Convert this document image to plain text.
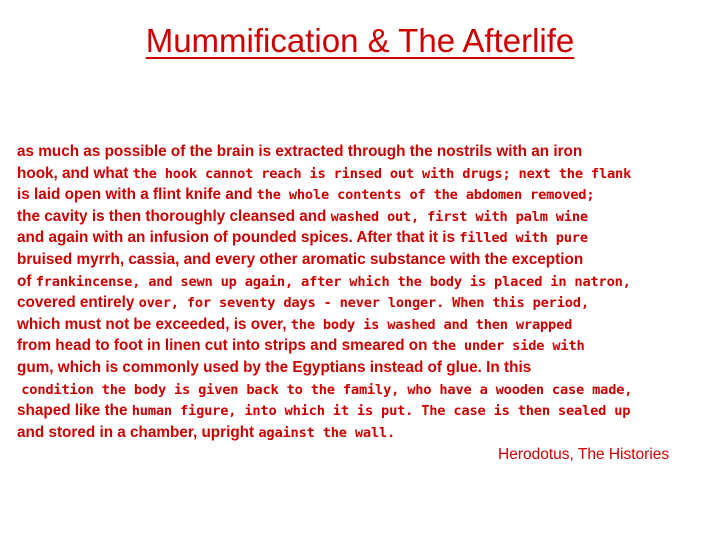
Mummification & The Afterlife
as much as possible of the brain is extracted through the nostrils with an iron
hook, and what the hook cannot reach is rinsed out with drugs; next the flank
is laid open with a flint knife and the whole contents of the abdomen removed;
the cavity is then thoroughly cleansed and washed out, first with palm wine
and again with an infusion of pounded spices. After that it is filled with pure
bruised myrrh, cassia, and every other aromatic substance with the exception
of frankincense, and sewn up again, after which the body is placed in natron,
covered entirely over, for seventy days - never longer. When this period,
which must not be exceeded, is over, the body is washed and then wrapped
from head to foot in linen cut into strips and smeared on the under side with
gum, which is commonly used by the Egyptians instead of glue. In this
condition the body is given back to the family, who have a wooden case made,
shaped like the human figure, into which it is put. The case is then sealed up
and stored in a chamber, upright against the wall.
Herodotus, The Histories
